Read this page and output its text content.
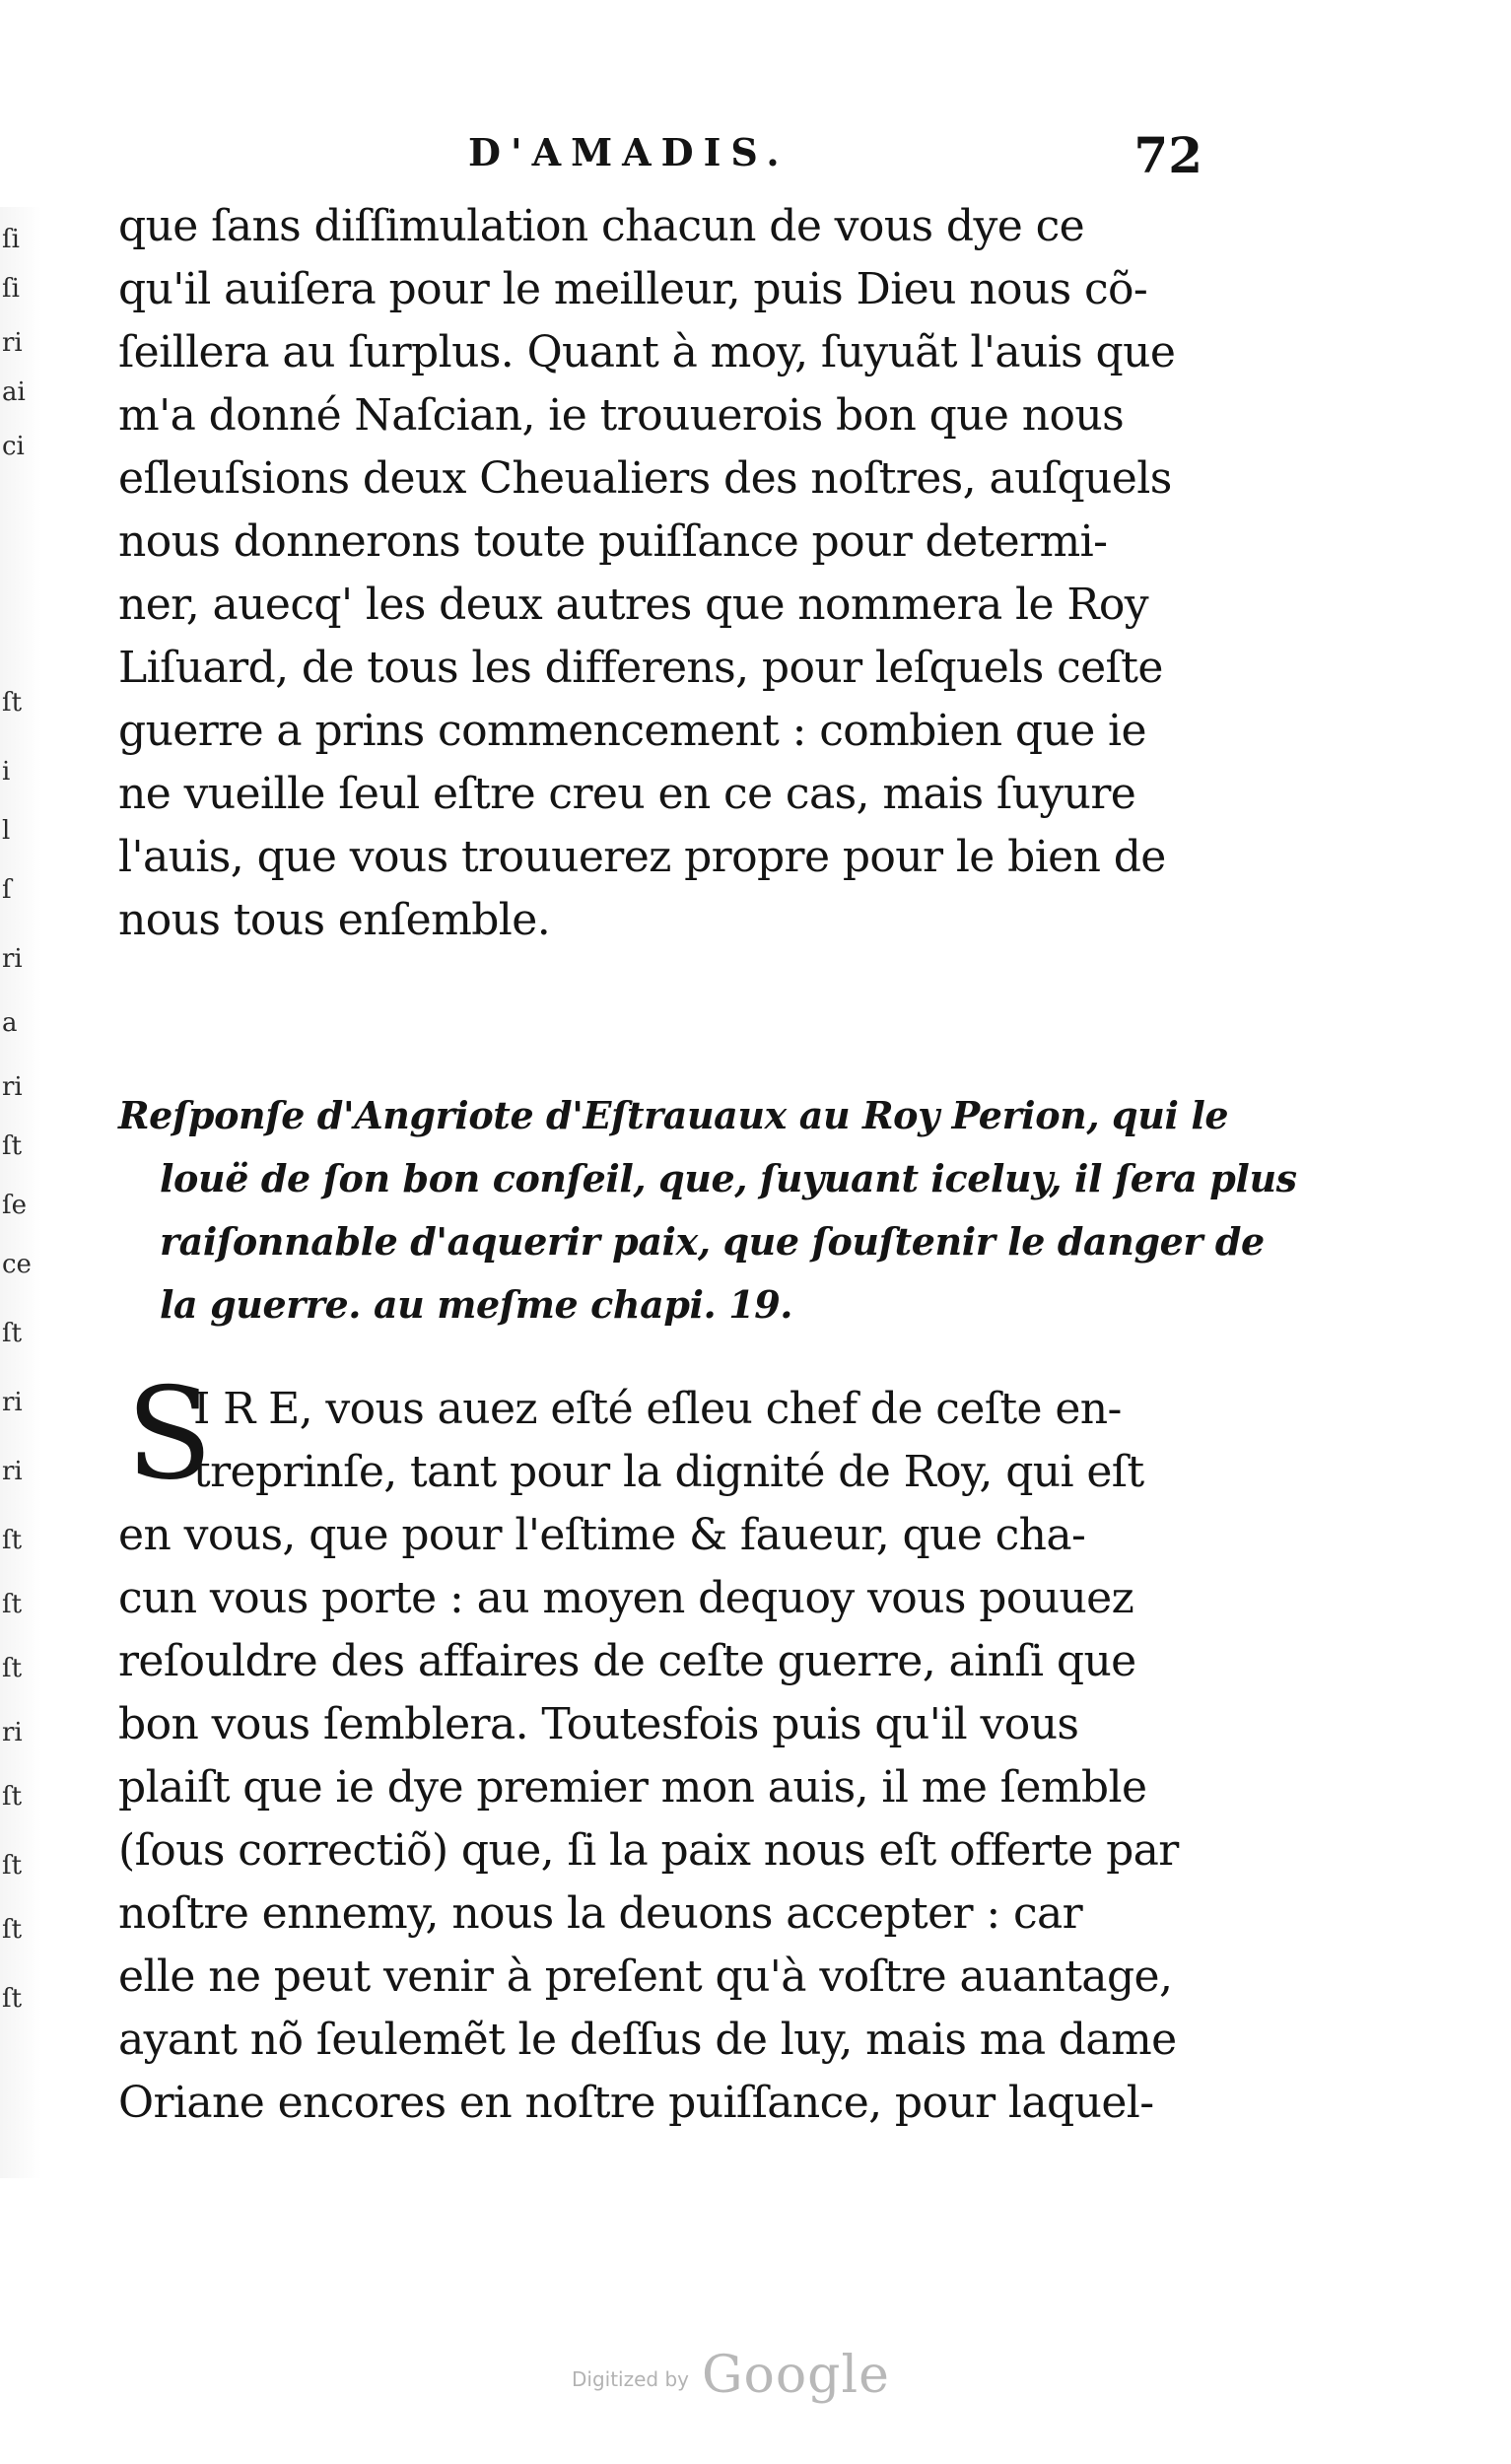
ſi
ſi
ri
ai
ci
ſt
i
l
ſ
ri
a
ri
ſt
ſe
ce
ſt
ri
ri
ſt
ſt
ſt
ri
ſt
ſt
ſt
ſt
D'AMADIS.	72
que ſans diſſimulation chacun de vous dye ce
qu'il auiſera pour le meilleur, puis Dieu nous cõ-
ſeillera au ſurplus. Quant à moy, ſuyuãt l'auis que
m'a donné Naſcian, ie trouuerois bon que nous
eſleuſsions deux Cheualiers des noſtres, auſquels
nous donnerons toute puiſſance pour determi-
ner, auecq' les deux autres que nommera le Roy
Liſuard, de tous les differens, pour leſquels ceſte
guerre a prins commencement : combien que ie
ne vueille ſeul eſtre creu en ce cas, mais ſuyure
l'auis, que vous trouuerez propre pour le bien de
nous tous enſemble.
Reſponſe d'Angriote d'Eſtrauaux au Roy Perion, qui le
louë de ſon bon conſeil, que, ſuyuant iceluy, il ſera plus
raiſonnable d'aquerir paix, que ſouſtenir le danger de
la guerre. au meſme chapi. 19.
S
I R E, vous auez eſté eſleu chef de ceſte en-
treprinſe, tant pour la dignité de Roy, qui eſt
en vous, que pour l'eſtime & faueur, que cha-
cun vous porte : au moyen dequoy vous pouuez
reſouldre des affaires de ceſte guerre, ainſi que
bon vous ſemblera. Toutesfois puis qu'il vous
plaiſt que ie dye premier mon auis, il me ſemble
(ſous correctiõ) que, ſi la paix nous eſt offerte par
noſtre ennemy, nous la deuons accepter : car
elle ne peut venir à preſent qu'à voſtre auantage,
ayant nõ ſeulemẽt le deſſus de luy, mais ma dame
Oriane encores en noſtre puiſſance, pour laquel-
Digitized by Google
